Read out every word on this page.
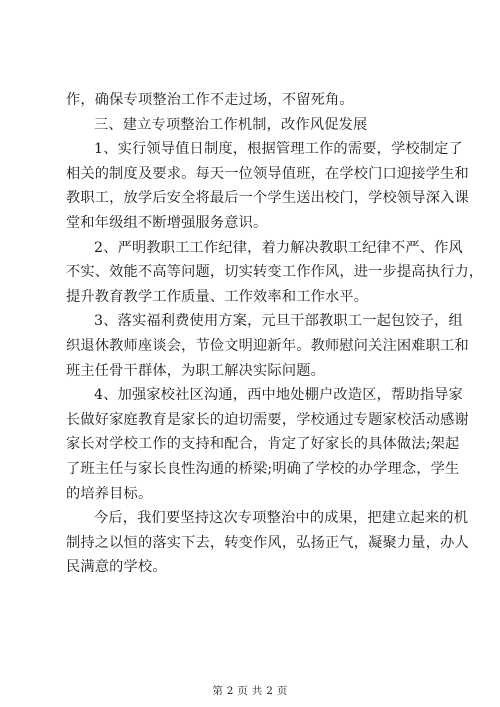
作，确保专项整治工作不走过场，不留死角。

三、建立专项整治工作机制，改作风促发展

1、实行领导值日制度，根据管理工作的需要，学校制定了
相关的制度及要求。每天一位领导值班，在学校门口迎接学生和
教职工，放学后安全将最后一个学生送出校门，学校领导深入课
堂和年级组不断增强服务意识。

2、严明教职工工作纪律，着力解决教职工纪律不严、作风
不实、效能不高等问题，切实转变工作作风，进一步提高执行力，
提升教育教学工作质量、工作效率和工作水平。

3、落实福利费使用方案，元旦干部教职工一起包饺子，组
织退休教师座谈会，节俭文明迎新年。教师慰问关注困难职工和
班主任骨干群体，为职工解决实际问题。

4、加强家校社区沟通，西中地处棚户改造区，帮助指导家
长做好家庭教育是家长的迫切需要，学校通过专题家校活动感谢
家长对学校工作的支持和配合，肯定了好家长的具体做法;架起
了班主任与家长良性沟通的桥梁;明确了学校的办学理念，学生
的培养目标。

今后，我们要坚持这次专项整治中的成果，把建立起来的机
制持之以恒的落实下去，转变作风，弘扬正气，凝聚力量，办人
民满意的学校。

第 2 页 共 2 页
